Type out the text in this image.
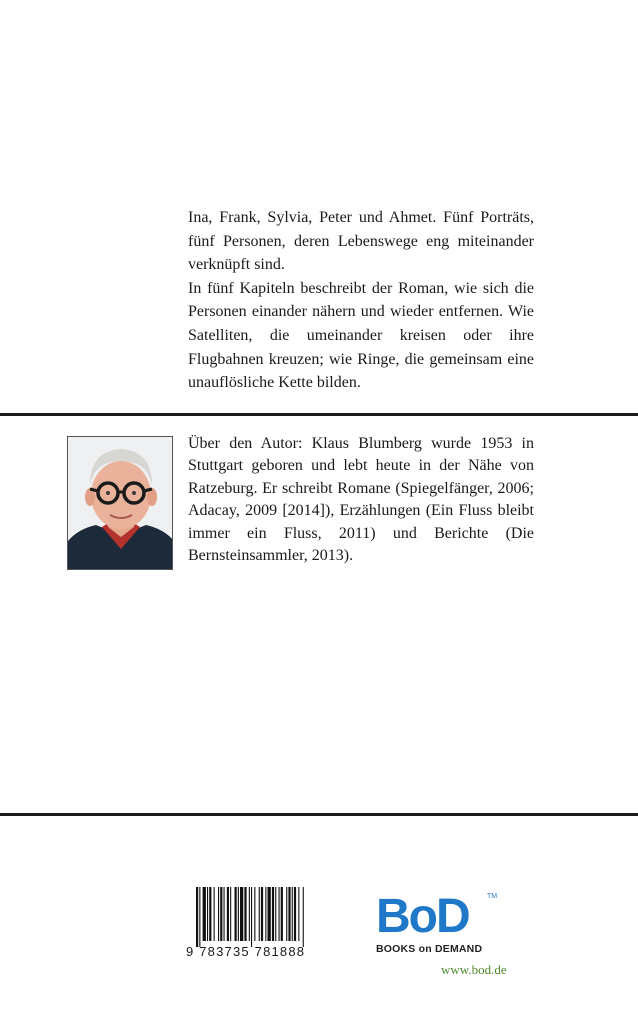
Ina, Frank, Sylvia, Peter und Ahmet. Fünf Porträts, fünf Personen, deren Lebenswege eng miteinander verknüpft sind.

In fünf Kapiteln beschreibt der Roman, wie sich die Personen einander nähern und wieder entfernen. Wie Satelliten, die umeinander kreisen oder ihre Flugbahnen kreuzen; wie Ringe, die gemeinsam eine unauflösliche Kette bilden.

Über den Autor: Klaus Blumberg wurde 1953 in Stuttgart geboren und lebt heute in der Nähe von Ratzeburg. Er schreibt Romane (Spiegelfänger, 2006; Adacay, 2009 [2014]), Erzählungen (Ein Fluss bleibt immer ein Fluss, 2011) und Berichte (Die Bernsteinsammler, 2013).

9 783735 781888
BoD	TM
BOOKS on DEMAND
www.bod.de
